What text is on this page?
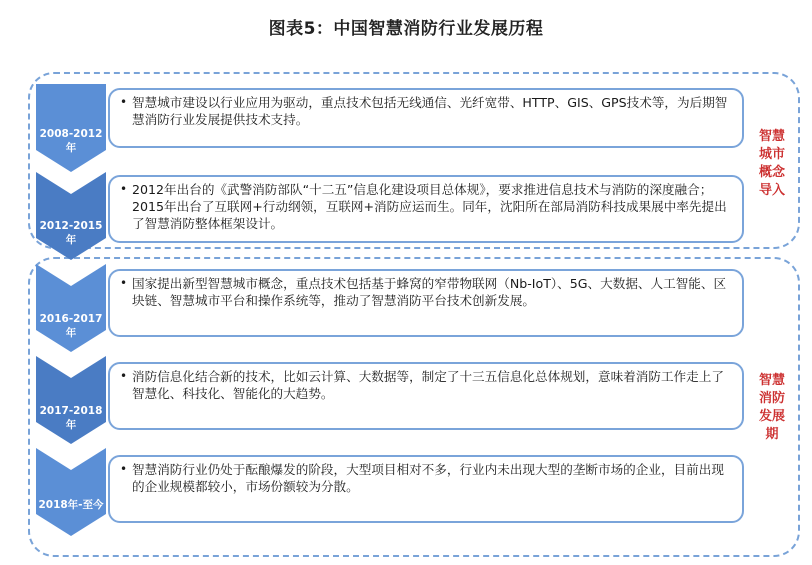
图表5：中国智慧消防行业发展历程
2008-2012年
2012-2015年
2016-2017年
2017-2018年
2018年-至今
• 智慧城市建设以行业应用为驱动，重点技术包括无线通信、光纤宽带、HTTP、GIS、GPS技术等，为后期智慧消防行业发展提供技术支持。
• 2012年出台的《武警消防部队“十二五”信息化建设项目总体规》，要求推进信息技术与消防的深度融合；2015年出台了互联网+行动纲领，互联网+消防应运而生。同年，沈阳所在部局消防科技成果展中率先提出了智慧消防整体框架设计。
• 国家提出新型智慧城市概念，重点技术包括基于蜂窝的窄带物联网（Nb-IoT）、5G、大数据、人工智能、区块链、智慧城市平台和操作系统等，推动了智慧消防平台技术创新发展。
• 消防信息化结合新的技术，比如云计算、大数据等，制定了十三五信息化总体规划，意味着消防工作走上了智慧化、科技化、智能化的大趋势。
• 智慧消防行业仍处于酝酿爆发的阶段，大型项目相对不多，行业内未出现大型的垄断市场的企业，目前出现的企业规模都较小，市场份额较为分散。
智慧
城市
概念
导入
智慧
消防
发展
期
